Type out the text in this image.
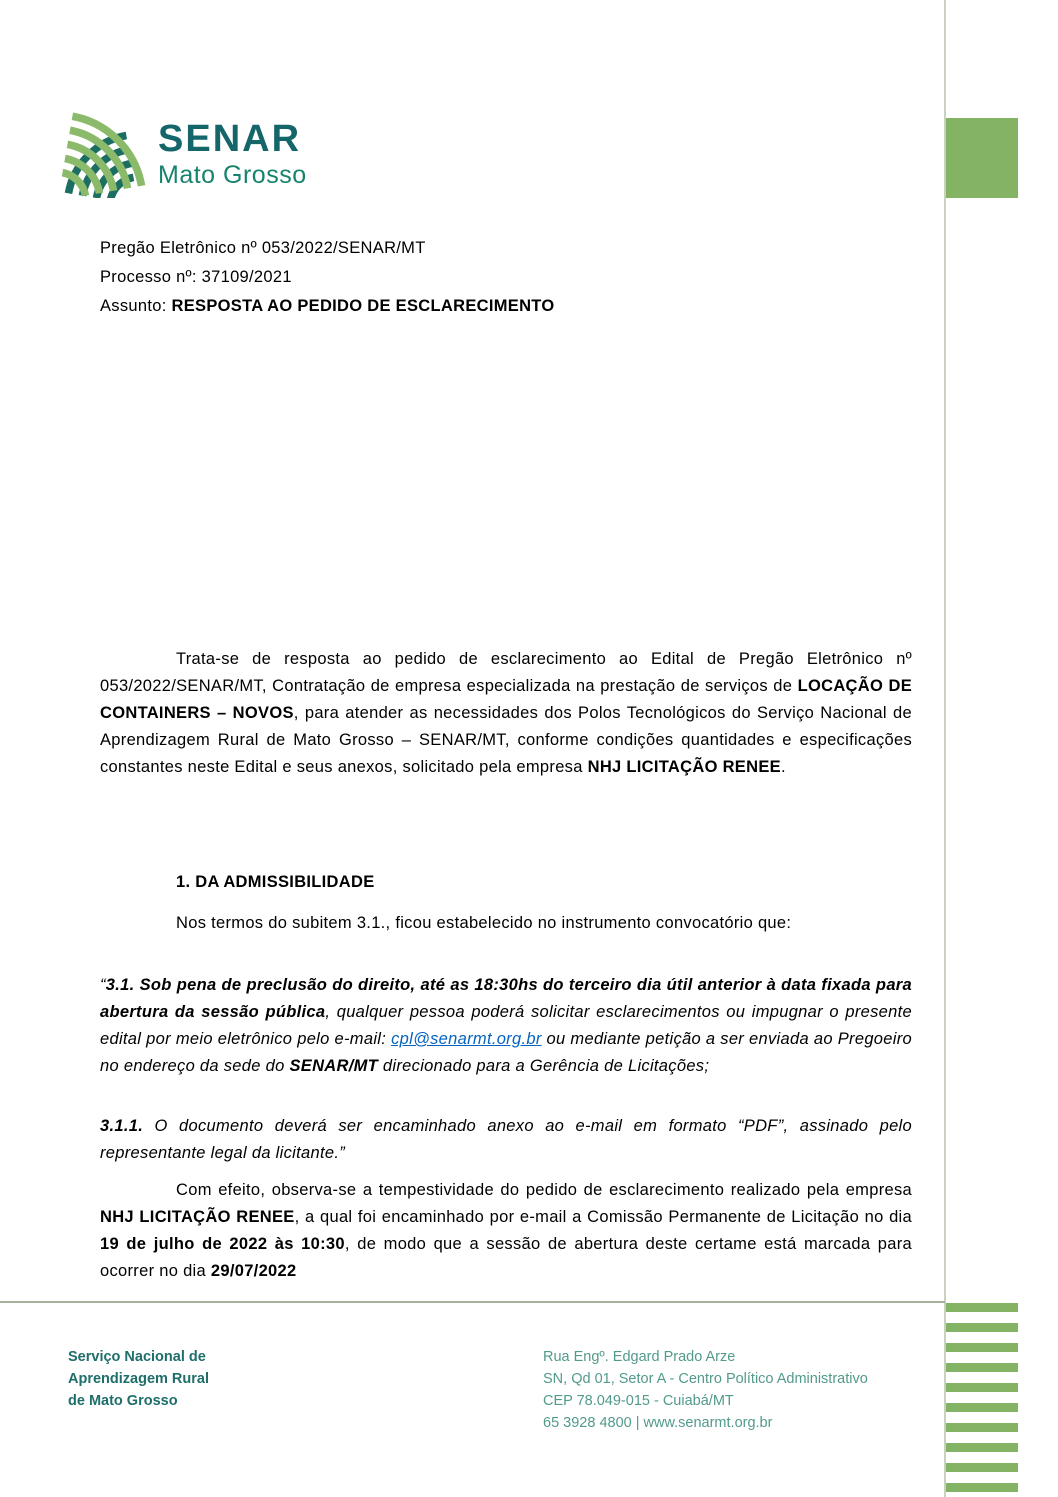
SENAR
Mato Grosso
Pregão Eletrônico nº 053/2022/SENAR/MT
Processo nº: 37109/2021
Assunto: RESPOSTA AO PEDIDO DE ESCLARECIMENTO

Trata-se de resposta ao pedido de esclarecimento ao Edital de Pregão Eletrônico nº 053/2022/SENAR/MT, Contratação de empresa especializada na prestação de serviços de LOCAÇÃO DE CONTAINERS – NOVOS, para atender as necessidades dos Polos Tecnológicos do Serviço Nacional de Aprendizagem Rural de Mato Grosso – SENAR/MT, conforme condições quantidades e especificações constantes neste Edital e seus anexos, solicitado pela empresa NHJ LICITAÇÃO RENEE.

1. DA ADMISSIBILIDADE

Nos termos do subitem 3.1., ficou estabelecido no instrumento convocatório que:

“3.1. Sob pena de preclusão do direito, até as 18:30hs do terceiro dia útil anterior à data fixada para abertura da sessão pública, qualquer pessoa poderá solicitar esclarecimentos ou impugnar o presente edital por meio eletrônico pelo e-mail: cpl@senarmt.org.br ou mediante petição a ser enviada ao Pregoeiro no endereço da sede do SENAR/MT direcionado para a Gerência de Licitações;

3.1.1. O documento deverá ser encaminhado anexo ao e-mail em formato “PDF”, assinado pelo representante legal da licitante.”

Com efeito, observa-se a tempestividade do pedido de esclarecimento realizado pela empresa NHJ LICITAÇÃO RENEE, a qual foi encaminhado por e-mail a Comissão Permanente de Licitação no dia 19 de julho de 2022 às 10:30, de modo que a sessão de abertura deste certame está marcada para ocorrer no dia 29/07/2022

Serviço Nacional de
Aprendizagem Rural
de Mato Grosso
Rua Engº. Edgard Prado Arze
SN, Qd 01, Setor A - Centro Político Administrativo
CEP 78.049-015 - Cuiabá/MT
65 3928 4800 | www.senarmt.org.br
